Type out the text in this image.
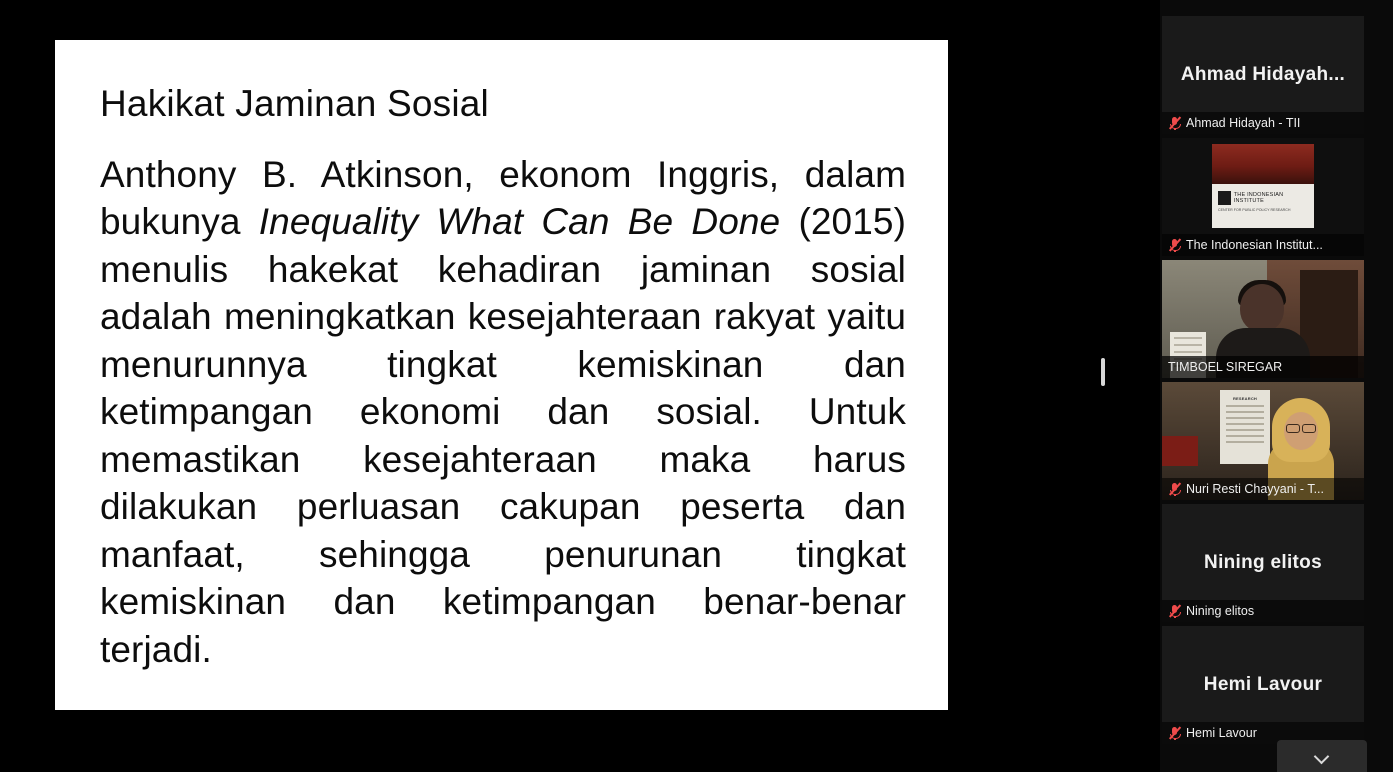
Hakikat Jaminan Sosial

Anthony B. Atkinson, ekonom Inggris, dalam bukunya Inequality What Can Be Done (2015) menulis hakekat kehadiran jaminan sosial adalah meningkatkan kesejahteraan rakyat yaitu menurunnya tingkat kemiskinan dan ketimpangan ekonomi dan sosial. Untuk memastikan kesejahteraan maka harus dilakukan perluasan cakupan peserta dan manfaat, sehingga penurunan tingkat kemiskinan dan ketimpangan benar-benar terjadi.

Ahmad Hidayah...
Ahmad Hidayah - TII
THE INDONESIAN INSTITUTE
CENTER FOR PUBLIC POLICY RESEARCH
The Indonesian Institut...
TIMBOEL SIREGAR
RESEARCH
Nuri Resti Chayyani - T...
Nining elitos
Nining elitos
Hemi Lavour
Hemi Lavour
